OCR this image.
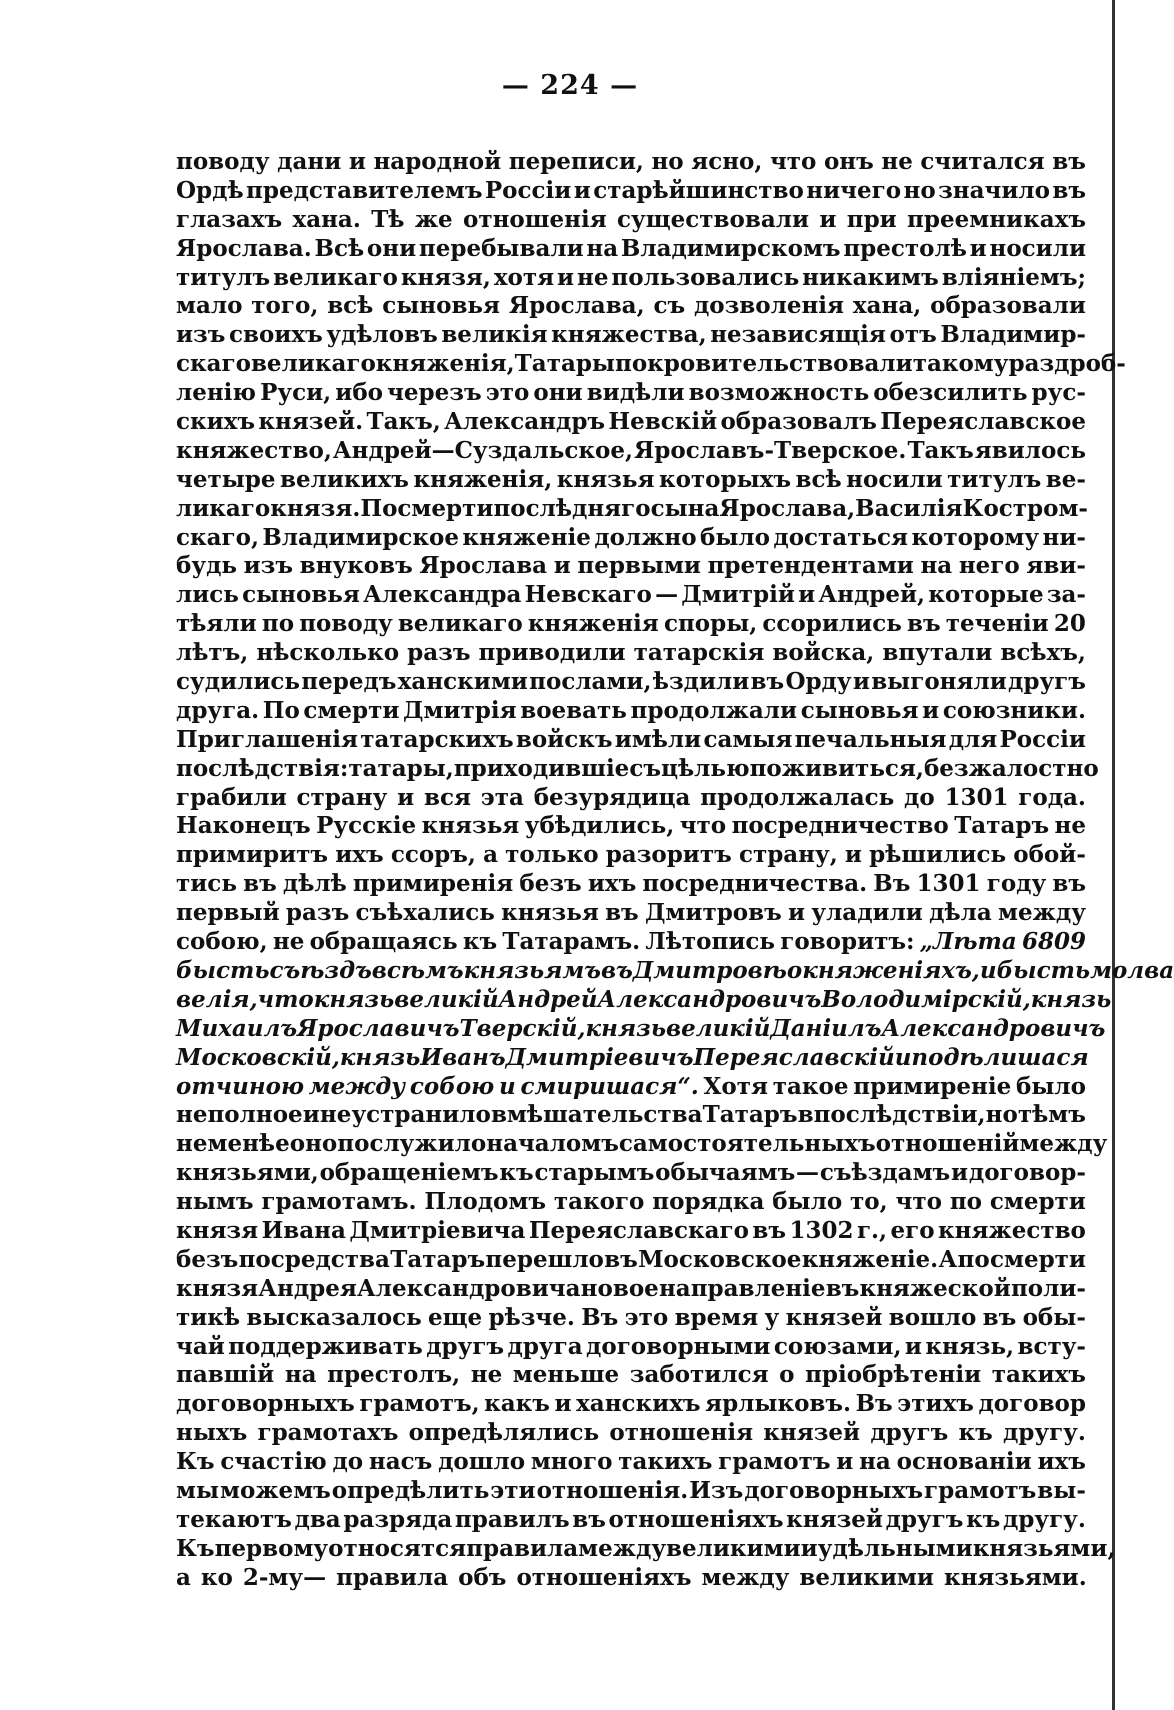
— 224 —
поводу дани и народной переписи, но ясно, что онъ не считался въ
Ордѣ представителемъ Россіи и старѣйшинство ничего но значило въ
глазахъ хана. Тѣ же отношенія существовали и при преемникахъ
Ярослава. Всѣ они перебывали на Владимирскомъ престолѣ и носили
титулъ великаго князя, хотя и не пользовались никакимъ вліяніемъ;
мало того, всѣ сыновья Ярослава, съ дозволенія хана, образовали
изъ своихъ удѣловъ великія княжества, независящія отъ Владимир-
скаго великаго княженія, Татары покровительствовали такому раздроб-
ленію Руси, ибо черезъ это они видѣли возможность обезсилить рус-
скихъ князей. Такъ, Александръ Невскій образовалъ Переяславское
княжество, Андрей—Суздальское, Ярославъ-Тверское. Такъ явилось
четыре великихъ княженія, князья которыхъ всѣ носили титулъ ве-
ликаго князя. По смерти послѣдняго сына Ярослава, Василія Костром-
скаго, Владимирское княженіе должно было достаться которому ни-
будь изъ внуковъ Ярослава и первыми претендентами на него яви-
лись сыновья Александра Невскаго — Дмитрій и Андрей, которые за-
тѣяли по поводу великаго княженія споры, ссорились въ теченіи 20
лѣтъ, нѣсколько разъ приводили татарскія войска, впутали всѣхъ,
судились передъ ханскими послами, ѣздили въ Орду и выгоняли другъ
друга. По смерти Дмитрія воевать продолжали сыновья и союзники.
Приглашенія татарскихъ войскъ имѣли самыя печальныя для Россіи
послѣдствія: татары, приходившіе съ цѣлью поживиться, безжалостно
грабили страну и вся эта безурядица продолжалась до 1301 года.
Наконецъ Русскіе князья убѣдились, что посредничество Татаръ не
примиритъ ихъ ссоръ, а только разоритъ страну, и рѣшились обой-
тись въ дѣлѣ примиренія безъ ихъ посредничества. Въ 1301 году въ
первый разъ съѣхались князья въ Дмитровъ и уладили дѣла между
собою, не обращаясь къ Татарамъ. Лѣтопись говоритъ: „Лѣта 6809
бысть съѣздъ всѣмъ князьямъ въ Дмитровѣ о княженіяхъ, и бысть молва
велія, что князь великій Андрей Александровичъ Володимірскій, князь
Михаилъ Ярославичъ Тверскій, князь великій Даніилъ Александровичъ
Московскій, князь Иванъ Дмитріевичъ Переяславскій и подѣлишася
отчиною между собою и смиришася“. Хотя такое примиреніе было
неполное и не устранило вмѣшательства Татаръ впослѣдствіи, но тѣмъ
не менѣе оно послужило началомъ самостоятельныхъ отношеній между
князьями, обращеніемъ къ старымъ обычаямъ — съѣздамъ и договор-
нымъ грамотамъ. Плодомъ такого порядка было то, что по смерти
князя Ивана Дмитріевича Переяславскаго въ 1302 г., его княжество
безъ посредства Татаръ перешло въ Московское княженіе. А по смерти
князя Андрея Александровича новое направленіе въ княжеской поли-
тикѣ высказалось еще рѣзче. Въ это время у князей вошло въ обы-
чай поддерживать другъ друга договорными союзами, и князь, всту-
павшій на престолъ, не меньше заботился о пріобрѣтеніи такихъ
договорныхъ грамотъ, какъ и ханскихъ ярлыковъ. Въ этихъ договор
ныхъ грамотахъ опредѣлялись отношенія князей другъ къ другу.
Къ счастію до насъ дошло много такихъ грамотъ и на основаніи ихъ
мы можемъ опредѣлить эти отношенія. Изъ договорныхъ грамотъ вы-
текаютъ два разряда правилъ въ отношеніяхъ князей другъ къ другу.
Къ первому относятся правила между великими и удѣльными князьями,
а ко 2-му— правила объ отношеніяхъ между великими князьями.
